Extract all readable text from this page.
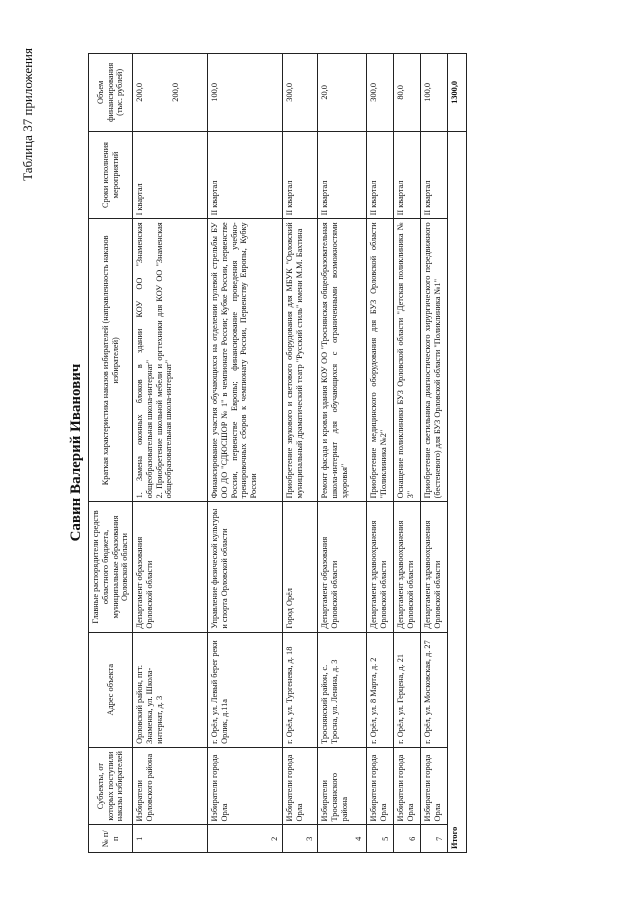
Таблица 37 приложения
Савин Валерий Иванович
№ п/п	Субъекты, от которых поступили наказы избирателей	Адрес объекта	Главные распорядители средств областного бюджета, муниципальные образования Орловской области	Краткая характеристика наказов избирателей (направленность наказов избирателей)	Сроки исполнения мероприятий	Объем финансирования (тыс. рублей)
1	Избиратели Орловского района	Орловский район, пгт. Знаменка, ул. Школа-интернат, д. 3	Департамент образования Орловской области	1. Замена оконных блоков в здании КОУ ОО "Знаменская общеобразовательная школа-интернат" 2. Приобретение школьной мебели и оргтехники для КОУ ОО "Знаменская общеобразовательная школа-интернат"	I квартал	200,0 200,0

2	Избиратели города Орла	г. Орёл, ул. Левый берег реки Орлик, д.11а	Управление физической культуры и спорта Орловской области	Финансирование участия обучающихся на отделении пулевой стрельбы БУ ОО ДО "СДЮСШОР № 1" в чемпионате России; Кубке России, первенстве России, первенстве Европы; финансирование проведения учебно-тренировочных сборов к чемпионату России, Первенству Европы, Кубку России	II квартал	100,0
3	Избиратели города Орла	г. Орёл, ул. Тургенева, д. 18	Город Орёл	Приобретение звукового и светового оборудования для МБУК "Орловский муниципальный драматический театр "Русский стиль" имени М.М. Бахтина	II квартал	300,0
4	Избиратели Троснянского района	Троснянский район, с. Тросна, ул. Ленина, д. 3	Департамент образования Орловской области	Ремонт фасада и кровли здания КОУ ОО "Троснянская общеобразовательная школа-интернат для обучающихся с ограниченными возможностями здоровья"	II квартал	20,0
5	Избиратели города Орла	г. Орёл, ул. 8 Марта, д. 2	Департамент здравоохранения Орловской области	Приобретение медицинского оборудования для БУЗ Орловской области "Поликлиника №2"	II квартал	300,0
6	Избиратели города Орла	г. Орёл, ул. Герцена, д. 21	Департамент здравоохранения Орловской области	Оснащение поликлиники БУЗ Орловской области "Детская поликлиника № 3"	II квартал	80,0
7	Избиратели города Орла	г. Орёл, ул. Московская, д. 27	Департамент здравоохранения Орловской области	Приобретение светильника диагностического хирургического передвижного (бестеневого) для БУЗ Орловской области "Поликлиника №1"	II квартал	100,0
Итого						1300,0
